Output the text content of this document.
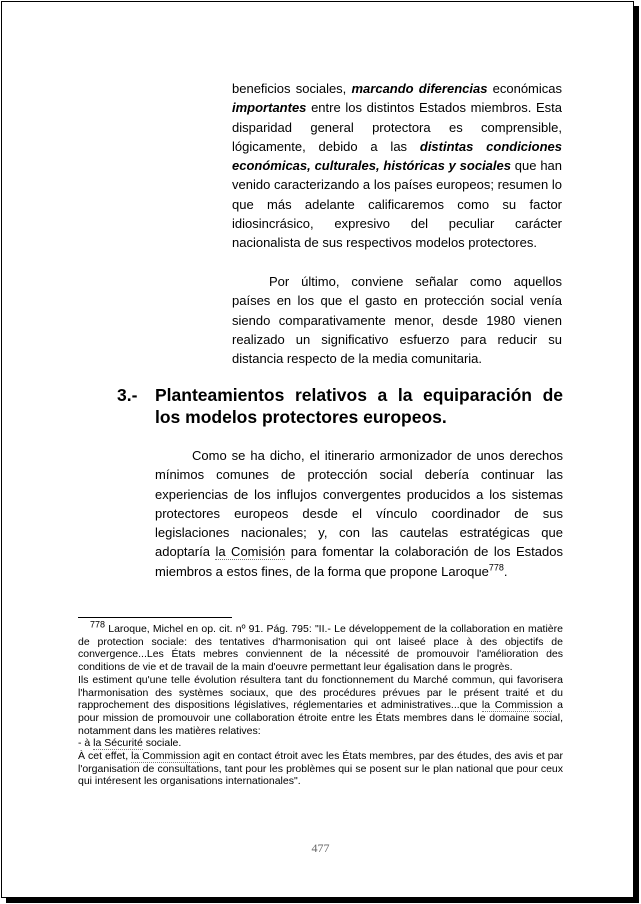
beneficios sociales, marcando diferencias económicas importantes entre los distintos Estados miembros. Esta disparidad general protectora es comprensible, lógicamente, debido a las distintas condiciones económicas, culturales, históricas y sociales que han venido caracterizando a los países europeos; resumen lo que más adelante calificaremos como su factor idiosincrásico, expresivo del peculiar carácter nacionalista de sus respectivos modelos protectores.

Por último, conviene señalar como aquellos países en los que el gasto en protección social venía siendo comparativamente menor, desde 1980 vienen realizado un significativo esfuerzo para reducir su distancia respecto de la media comunitaria.

3.- Planteamientos relativos a la equiparación de los modelos protectores europeos.

Como se ha dicho, el itinerario armonizador de unos derechos mínimos comunes de protección social debería continuar las experiencias de los influjos convergentes producidos a los sistemas protectores europeos desde el vínculo coordinador de sus legislaciones nacionales; y, con las cautelas estratégicas que adoptaría la Comisión para fomentar la colaboración de los Estados miembros a estos fines, de la forma que propone Laroque$^{778}$.

778 Laroque, Michel en op. cit. nº 91. Pág. 795: "II.- Le développement de la collaboration en matière de protection sociale: des tentatives d'harmonisation qui ont laiseé place à des objectifs de convergence...Les États mebres conviennent de la nécessité de promouvoir l'amélioration des conditions de vie et de travail de la main d'oeuvre permettant leur égalisation dans le progrès.

Ils estiment qu'une telle évolution résultera tant du fonctionnement du Marché commun, qui favorisera l'harmonisation des systèmes sociaux, que des procédures prévues par le présent traité et du rapprochement des dispositions législatives, réglementaries et administratives...que la Commission a pour mission de promouvoir une collaboration étroite entre les États membres dans le domaine social, notamment dans les matières relatives:

- à la Sécurité sociale.

À cet effet, la Commission agit en contact étroit avec les États membres, par des études, des avis et par l'organisation de consultations, tant pour les problèmes qui se posent sur le plan national que pour ceux qui intéresent les organisations internationales".

477
